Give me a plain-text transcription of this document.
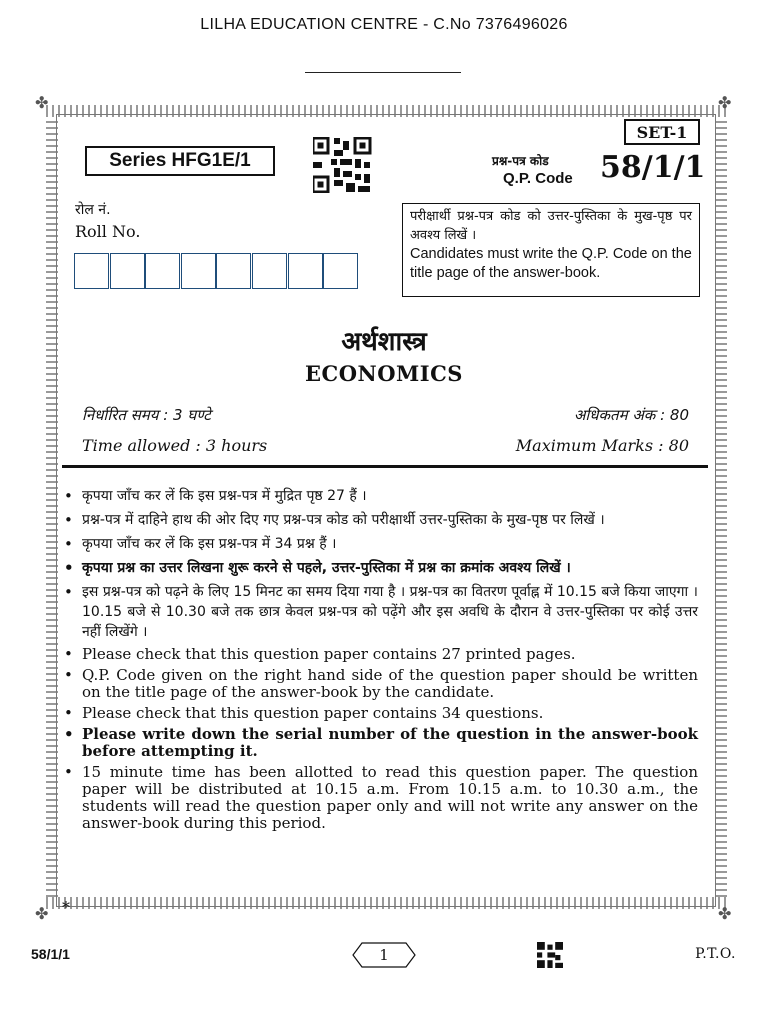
LILHA EDUCATION CENTRE - C.No 7376496026
✤	✤
✤	✤
SET-1
Series HFG1E/1	प्रश्न-पत्र कोड
Q.P. Code 58/1/1
रोल नं.
Roll No.
परीक्षार्थी प्रश्न-पत्र कोड को उत्तर-पुस्तिका के मुख-पृष्ठ पर अवश्य लिखें ।
Candidates must write the Q.P. Code on the title page of the answer-book.
अर्थशास्त्र
ECONOMICS
निर्धारित समय : 3 घण्टे	अधिकतम अंक : 80
Time allowed : 3 hours	Maximum Marks : 80
• कृपया जाँच कर लें कि इस प्रश्न-पत्र में मुद्रित पृष्ठ 27 हैं ।
• प्रश्न-पत्र में दाहिने हाथ की ओर दिए गए प्रश्न-पत्र कोड को परीक्षार्थी उत्तर-पुस्तिका के मुख-पृष्ठ पर लिखें ।
• कृपया जाँच कर लें कि इस प्रश्न-पत्र में 34 प्रश्न हैं ।
• कृपया प्रश्न का उत्तर लिखना शुरू करने से पहले, उत्तर-पुस्तिका में प्रश्न का क्रमांक अवश्य लिखें ।
• इस प्रश्न-पत्र को पढ़ने के लिए 15 मिनट का समय दिया गया है । प्रश्न-पत्र का वितरण पूर्वाह्न में 10.15 बजे किया जाएगा । 10.15 बजे से 10.30 बजे तक छात्र केवल प्रश्न-पत्र को पढ़ेंगे और इस अवधि के दौरान वे उत्तर-पुस्तिका पर कोई उत्तर नहीं लिखेंगे ।
• Please check that this question paper contains 27 printed pages.
• Q.P. Code given on the right hand side of the question paper should be written on the title page of the answer-book by the candidate.
• Please check that this question paper contains 34 questions.
• Please write down the serial number of the question in the answer-book before attempting it.
• 15 minute time has been allotted to read this question paper. The question paper will be distributed at 10.15 a.m. From 10.15 a.m. to 10.30 a.m., the students will read the question paper only and will not write any answer on the answer-book during this period.
*
58/1/1	1	P.T.O.
